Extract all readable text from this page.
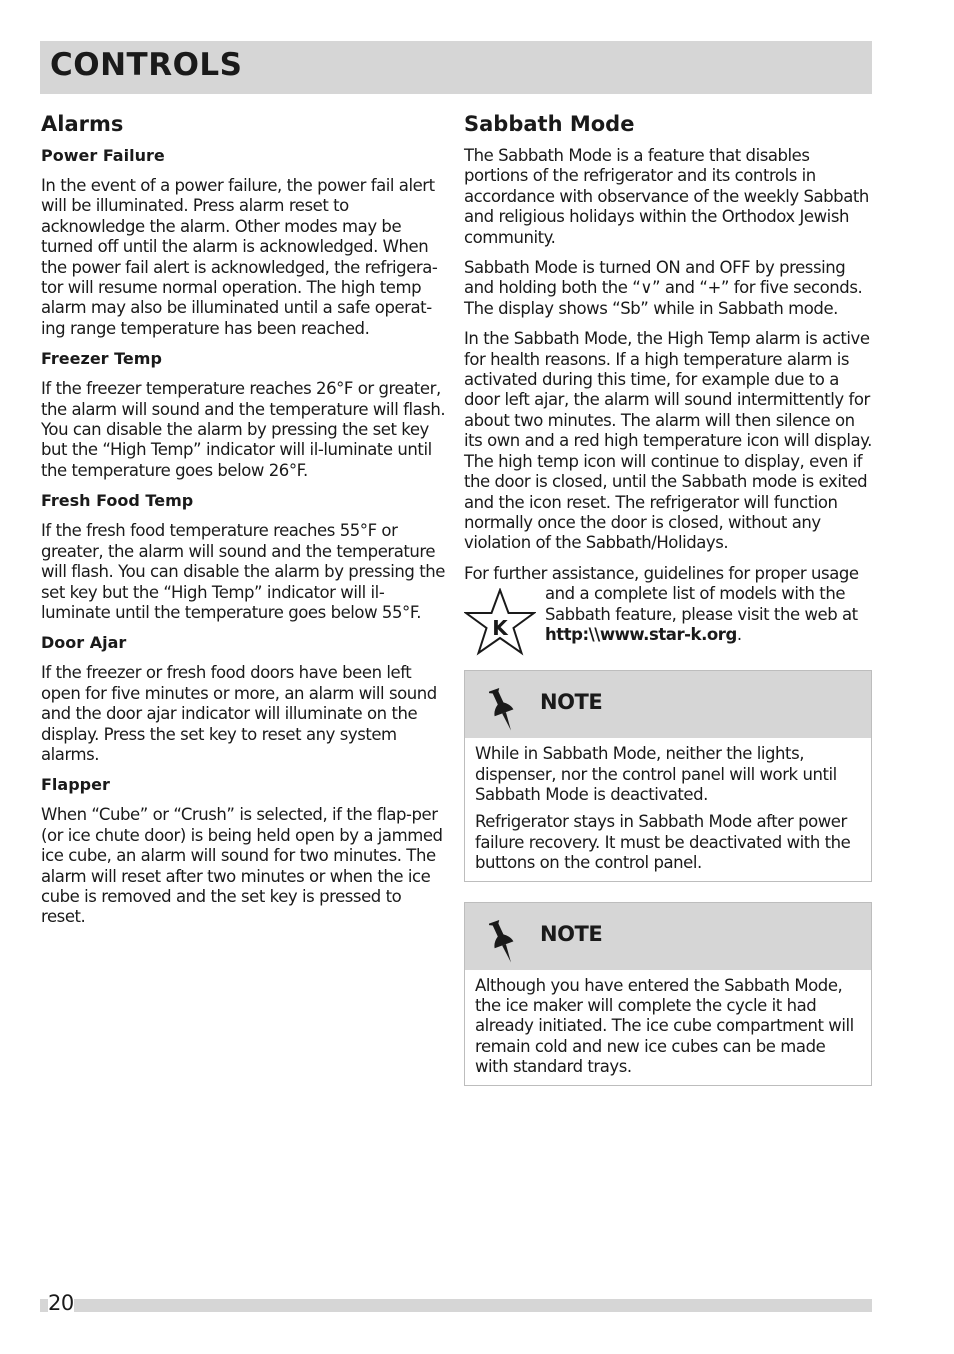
CONTROLS
Alarms
Power Failure

In the event of a power failure, the power fail alert will be illuminated. Press alarm reset to acknowledge the alarm. Other modes may be turned off until the alarm is acknowledged. When the power fail alert is acknowledged, the refrigera-tor will resume normal operation. The high temp alarm may also be illuminated until a safe operat-ing range temperature has been reached.

Freezer Temp

If the freezer temperature reaches 26°F or greater, the alarm will sound and the temperature will flash. You can disable the alarm by pressing the set key but the “High Temp” indicator will il-luminate until the temperature goes below 26°F.

Fresh Food Temp

If the fresh food temperature reaches 55°F or greater, the alarm will sound and the temperature will flash. You can disable the alarm by pressing the set key but the “High Temp” indicator will il-luminate until the temperature goes below 55°F.

Door Ajar

If the freezer or fresh food doors have been left open for five minutes or more, an alarm will sound and the door ajar indicator will illuminate on the display. Press the set key to reset any system alarms.

Flapper

When “Cube” or “Crush” is selected, if the flap-per (or ice chute door) is being held open by a jammed ice cube, an alarm will sound for two minutes. The alarm will reset after two minutes or when the ice cube is removed and the set key is pressed to reset.

Sabbath Mode

The Sabbath Mode is a feature that disables portions of the refrigerator and its controls in accordance with observance of the weekly Sabbath and religious holidays within the Orthodox Jewish community.

Sabbath Mode is turned ON and OFF by pressing and holding both the “∨” and “+” for five seconds. The display shows “Sb” while in Sabbath mode.

In the Sabbath Mode, the High Temp alarm is active for health reasons. If a high temperature alarm is activated during this time, for example due to a door left ajar, the alarm will sound intermittently for about two minutes. The alarm will then silence on its own and a red high temperature icon will display. The high temp icon will continue to display, even if the door is closed, until the Sabbath mode is exited and the icon reset. The refrigerator will function normally once the door is closed, without any violation of the Sabbath/Holidays.

For further assistance, guidelines for proper usage

K

and a complete list of models with the Sabbath feature, please visit the web at http:\\www.star-k.org.

NOTE

While in Sabbath Mode, neither the lights, dispenser, nor the control panel will work until Sabbath Mode is deactivated.

Refrigerator stays in Sabbath Mode after power failure recovery. It must be deactivated with the buttons on the control panel.

NOTE

Although you have entered the Sabbath Mode, the ice maker will complete the cycle it had already initiated. The ice cube compartment will remain cold and new ice cubes can be made with standard trays.

20
